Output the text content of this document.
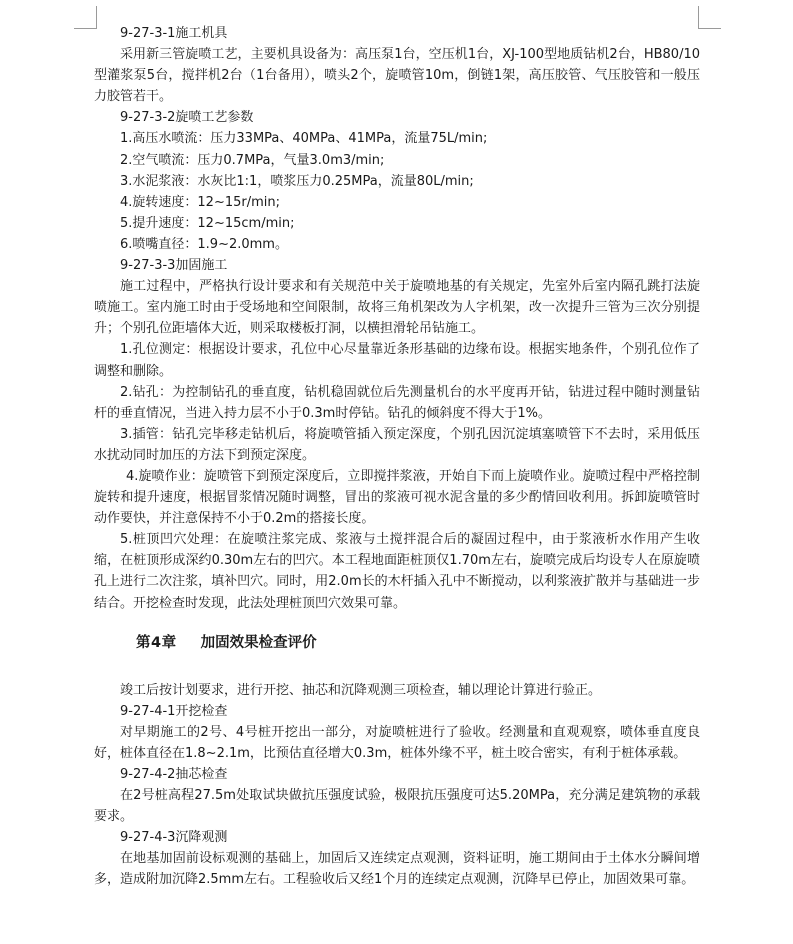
9-27-3-1施工机具

采用新三管旋喷工艺，主要机具设备为：高压泵1台，空压机1台，XJ-100型地质钻机2台，HB80/10型灌浆泵5台，搅拌机2台（1台备用），喷头2个，旋喷管10m，倒链1架，高压胶管、气压胶管和一般压力胶管若干。

9-27-3-2旋喷工艺参数

1.高压水喷流：压力33MPa、40MPa、41MPa，流量75L/min;

2.空气喷流：压力0.7MPa，气量3.0m3/min;

3.水泥浆液：水灰比1:1，喷浆压力0.25MPa，流量80L/min;

4.旋转速度：12~15r/min;

5.提升速度：12~15cm/min;

6.喷嘴直径：1.9~2.0mm。

9-27-3-3加固施工

施工过程中，严格执行设计要求和有关规范中关于旋喷地基的有关规定，先室外后室内隔孔跳打法旋喷施工。室内施工时由于受场地和空间限制，故将三角机架改为人字机架，改一次提升三管为三次分别提升；个别孔位距墙体大近，则采取楼板打洞，以横担滑轮吊钻施工。

1.孔位测定：根据设计要求，孔位中心尽量靠近条形基础的边缘布设。根据实地条件，个别孔位作了调整和删除。

2.钻孔：为控制钻孔的垂直度，钻机稳固就位后先测量机台的水平度再开钻，钻进过程中随时测量钻杆的垂直情况，当进入持力层不小于0.3m时停钻。钻孔的倾斜度不得大于1%。

3.插管：钻孔完毕移走钻机后，将旋喷管插入预定深度，个别孔因沉淀填塞喷管下不去时，采用低压水扰动同时加压的方法下到预定深度。

4.旋喷作业：旋喷管下到预定深度后，立即搅拌浆液，开始自下而上旋喷作业。旋喷过程中严格控制旋转和提升速度，根据冒浆情况随时调整，冒出的浆液可视水泥含量的多少酌情回收利用。拆卸旋喷管时动作要快，并注意保持不小于0.2m的搭接长度。

5.桩顶凹穴处理：在旋喷注浆完成、浆液与土搅拌混合后的凝固过程中，由于浆液析水作用产生收缩，在桩顶形成深约0.30m左右的凹穴。本工程地面距桩顶仅1.70m左右，旋喷完成后均设专人在原旋喷孔上进行二次注浆，填补凹穴。同时，用2.0m长的木杆插入孔中不断搅动，以利浆液扩散并与基础进一步结合。开挖检查时发现，此法处理桩顶凹穴效果可靠。

第4章 加固效果检查评价

竣工后按计划要求，进行开挖、抽芯和沉降观测三项检查，辅以理论计算进行验正。

9-27-4-1开挖检查

对早期施工的2号、4号桩开挖出一部分，对旋喷桩进行了验收。经测量和直观观察，喷体垂直度良好，桩体直径在1.8~2.1m，比预估直径增大0.3m，桩体外缘不平，桩土咬合密实，有利于桩体承载。

9-27-4-2抽芯检查

在2号桩高程27.5m处取试块做抗压强度试验，极限抗压强度可达5.20MPa，充分满足建筑物的承载要求。

9-27-4-3沉降观测

在地基加固前设标观测的基础上，加固后又连续定点观测，资料证明，施工期间由于土体水分瞬间增多，造成附加沉降2.5mm左右。工程验收后又经1个月的连续定点观测，沉降早已停止，加固效果可靠。
